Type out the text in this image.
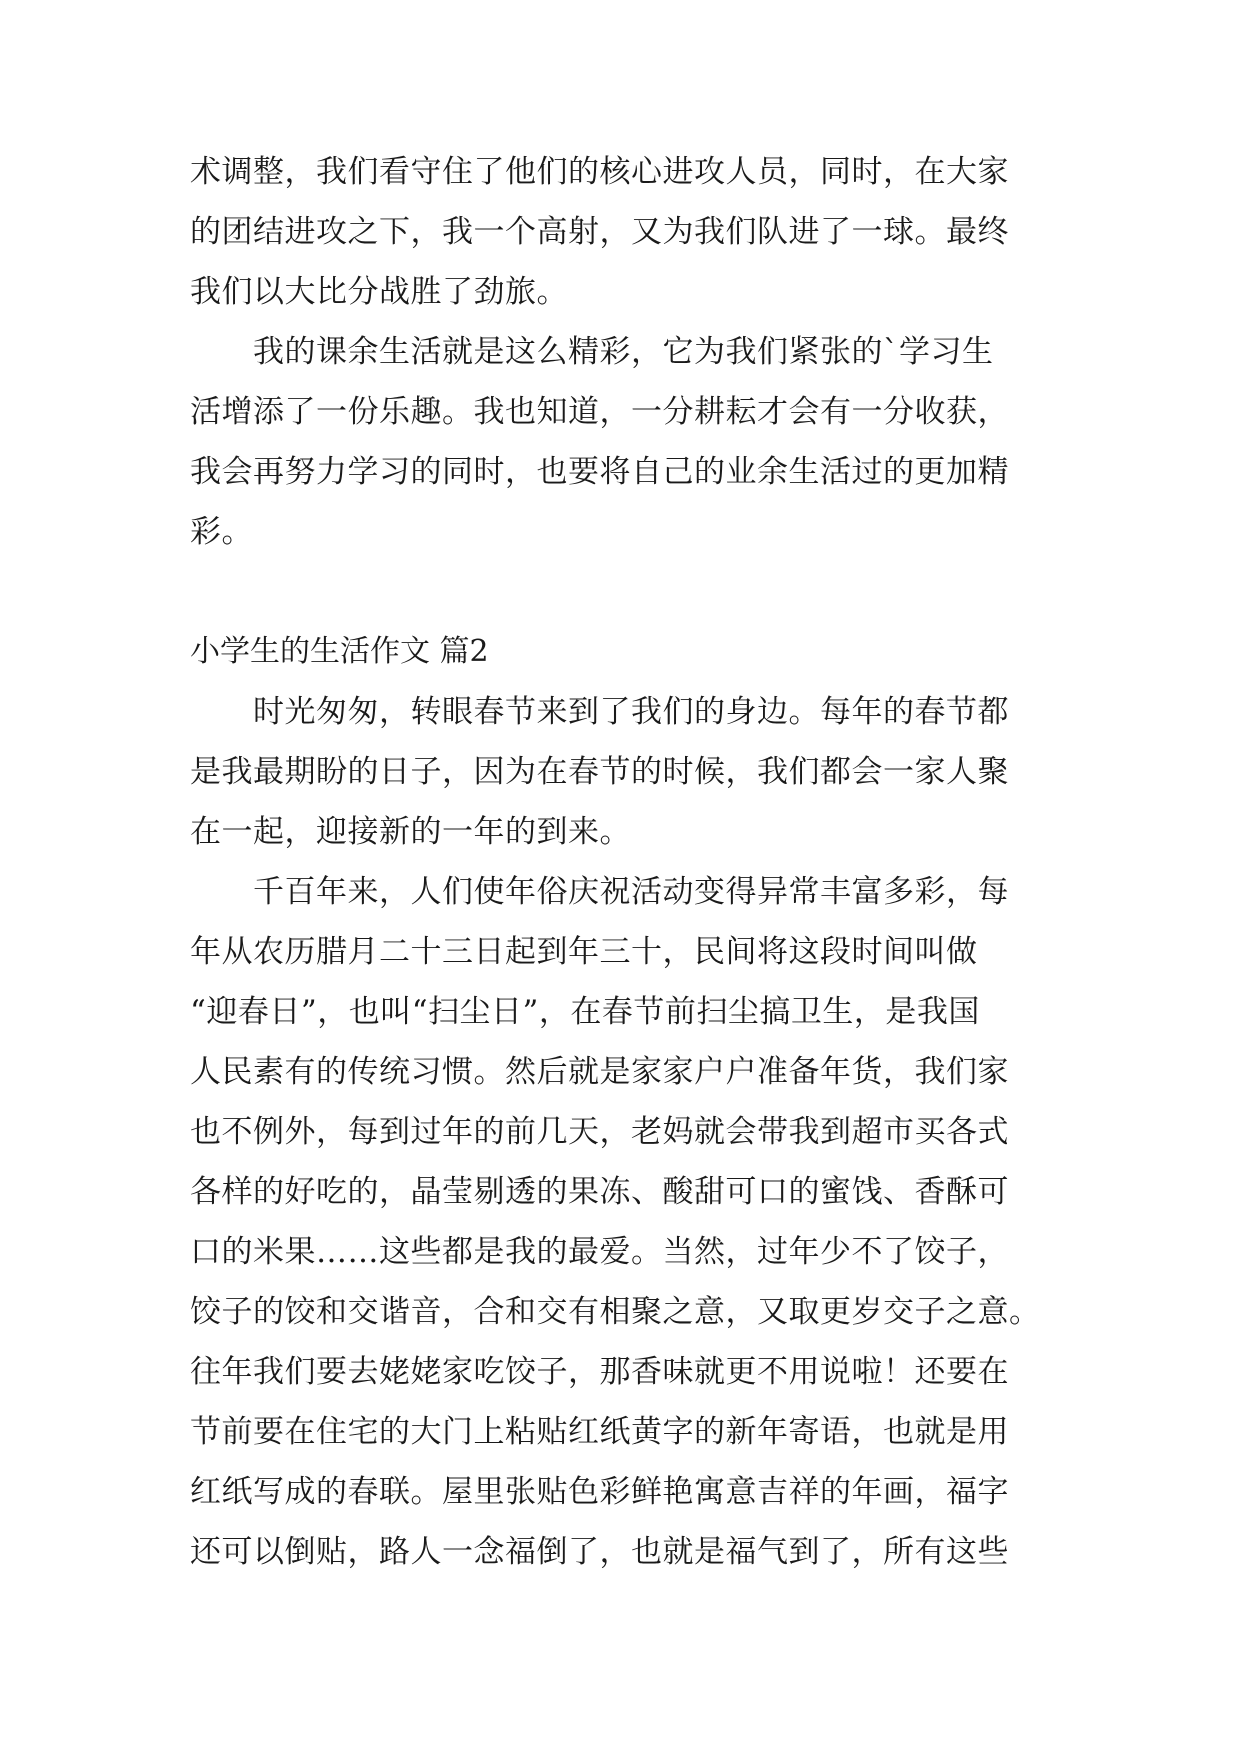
术调整，我们看守住了他们的核心进攻人员，同时，在大家
的团结进攻之下，我一个高射，又为我们队进了一球。最终
我们以大比分战胜了劲旅。
　　我的课余生活就是这么精彩，它为我们紧张的`学习生
活增添了一份乐趣。我也知道，一分耕耘才会有一分收获，
我会再努力学习的同时，也要将自己的业余生活过的更加精
彩。
小学生的生活作文 篇2
　　时光匆匆，转眼春节来到了我们的身边。每年的春节都
是我最期盼的日子，因为在春节的时候，我们都会一家人聚
在一起，迎接新的一年的到来。
　　千百年来，人们使年俗庆祝活动变得异常丰富多彩，每
年从农历腊月二十三日起到年三十，民间将这段时间叫做
“迎春日”，也叫“扫尘日”，在春节前扫尘搞卫生，是我国
人民素有的传统习惯。然后就是家家户户准备年货，我们家
也不例外，每到过年的前几天，老妈就会带我到超市买各式
各样的好吃的，晶莹剔透的果冻、酸甜可口的蜜饯、香酥可
口的米果……这些都是我的最爱。当然，过年少不了饺子，
饺子的饺和交谐音，合和交有相聚之意，又取更岁交子之意。
往年我们要去姥姥家吃饺子，那香味就更不用说啦！还要在
节前要在住宅的大门上粘贴红纸黄字的新年寄语，也就是用
红纸写成的春联。屋里张贴色彩鲜艳寓意吉祥的年画，福字
还可以倒贴，路人一念福倒了，也就是福气到了，所有这些
